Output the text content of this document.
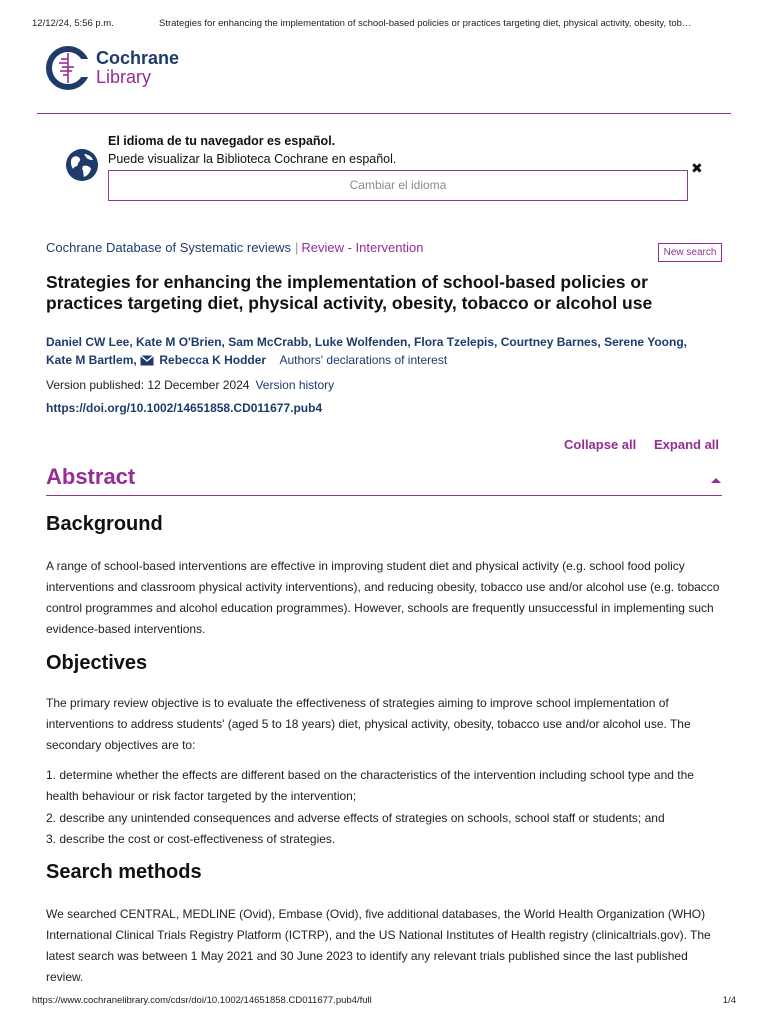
12/12/24, 5:56 p.m.	Strategies for enhancing the implementation of school-based policies or practices targeting diet, physical activity, obesity, tob…
Cochrane
Library
El idioma de tu navegador es español.
Puede visualizar la Biblioteca Cochrane en español.
Cambiar el idioma
✖
Cochrane Database of Systematic reviews | Review - Intervention	New search
Strategies for enhancing the implementation of school‐based policies or practices targeting diet, physical activity, obesity, tobacco or alcohol use
Daniel CW Lee, Kate M O'Brien, Sam McCrabb, Luke Wolfenden, Flora Tzelepis, Courtney Barnes, Serene Yoong,
Kate M Bartlem, Rebecca K Hodder Authors' declarations of interest
Version published: 12 December 2024 Version history
https://doi.org/10.1002/14651858.CD011677.pub4
Collapse all Expand all
Abstract
Background

A range of school‐based interventions are effective in improving student diet and physical activity (e.g. school food policy interventions and classroom physical activity interventions), and reducing obesity, tobacco use and/or alcohol use (e.g. tobacco control programmes and alcohol education programmes). However, schools are frequently unsuccessful in implementing such evidence‐based interventions.

Objectives

The primary review objective is to evaluate the effectiveness of strategies aiming to improve school implementation of interventions to address students' (aged 5 to 18 years) diet, physical activity, obesity, tobacco use and/or alcohol use. The secondary objectives are to:

1. determine whether the effects are different based on the characteristics of the intervention including school type and the health behaviour or risk factor targeted by the intervention;

2. describe any unintended consequences and adverse effects of strategies on schools, school staff or students; and

3. describe the cost or cost‐effectiveness of strategies.

Search methods

We searched CENTRAL, MEDLINE (Ovid), Embase (Ovid), five additional databases, the World Health Organization (WHO) International Clinical Trials Registry Platform (ICTRP), and the US National Institutes of Health registry (clinicaltrials.gov). The latest search was between 1 May 2021 and 30 June 2023 to identify any relevant trials published since the last published review.

https://www.cochranelibrary.com/cdsr/doi/10.1002/14651858.CD011677.pub4/full	1/4
